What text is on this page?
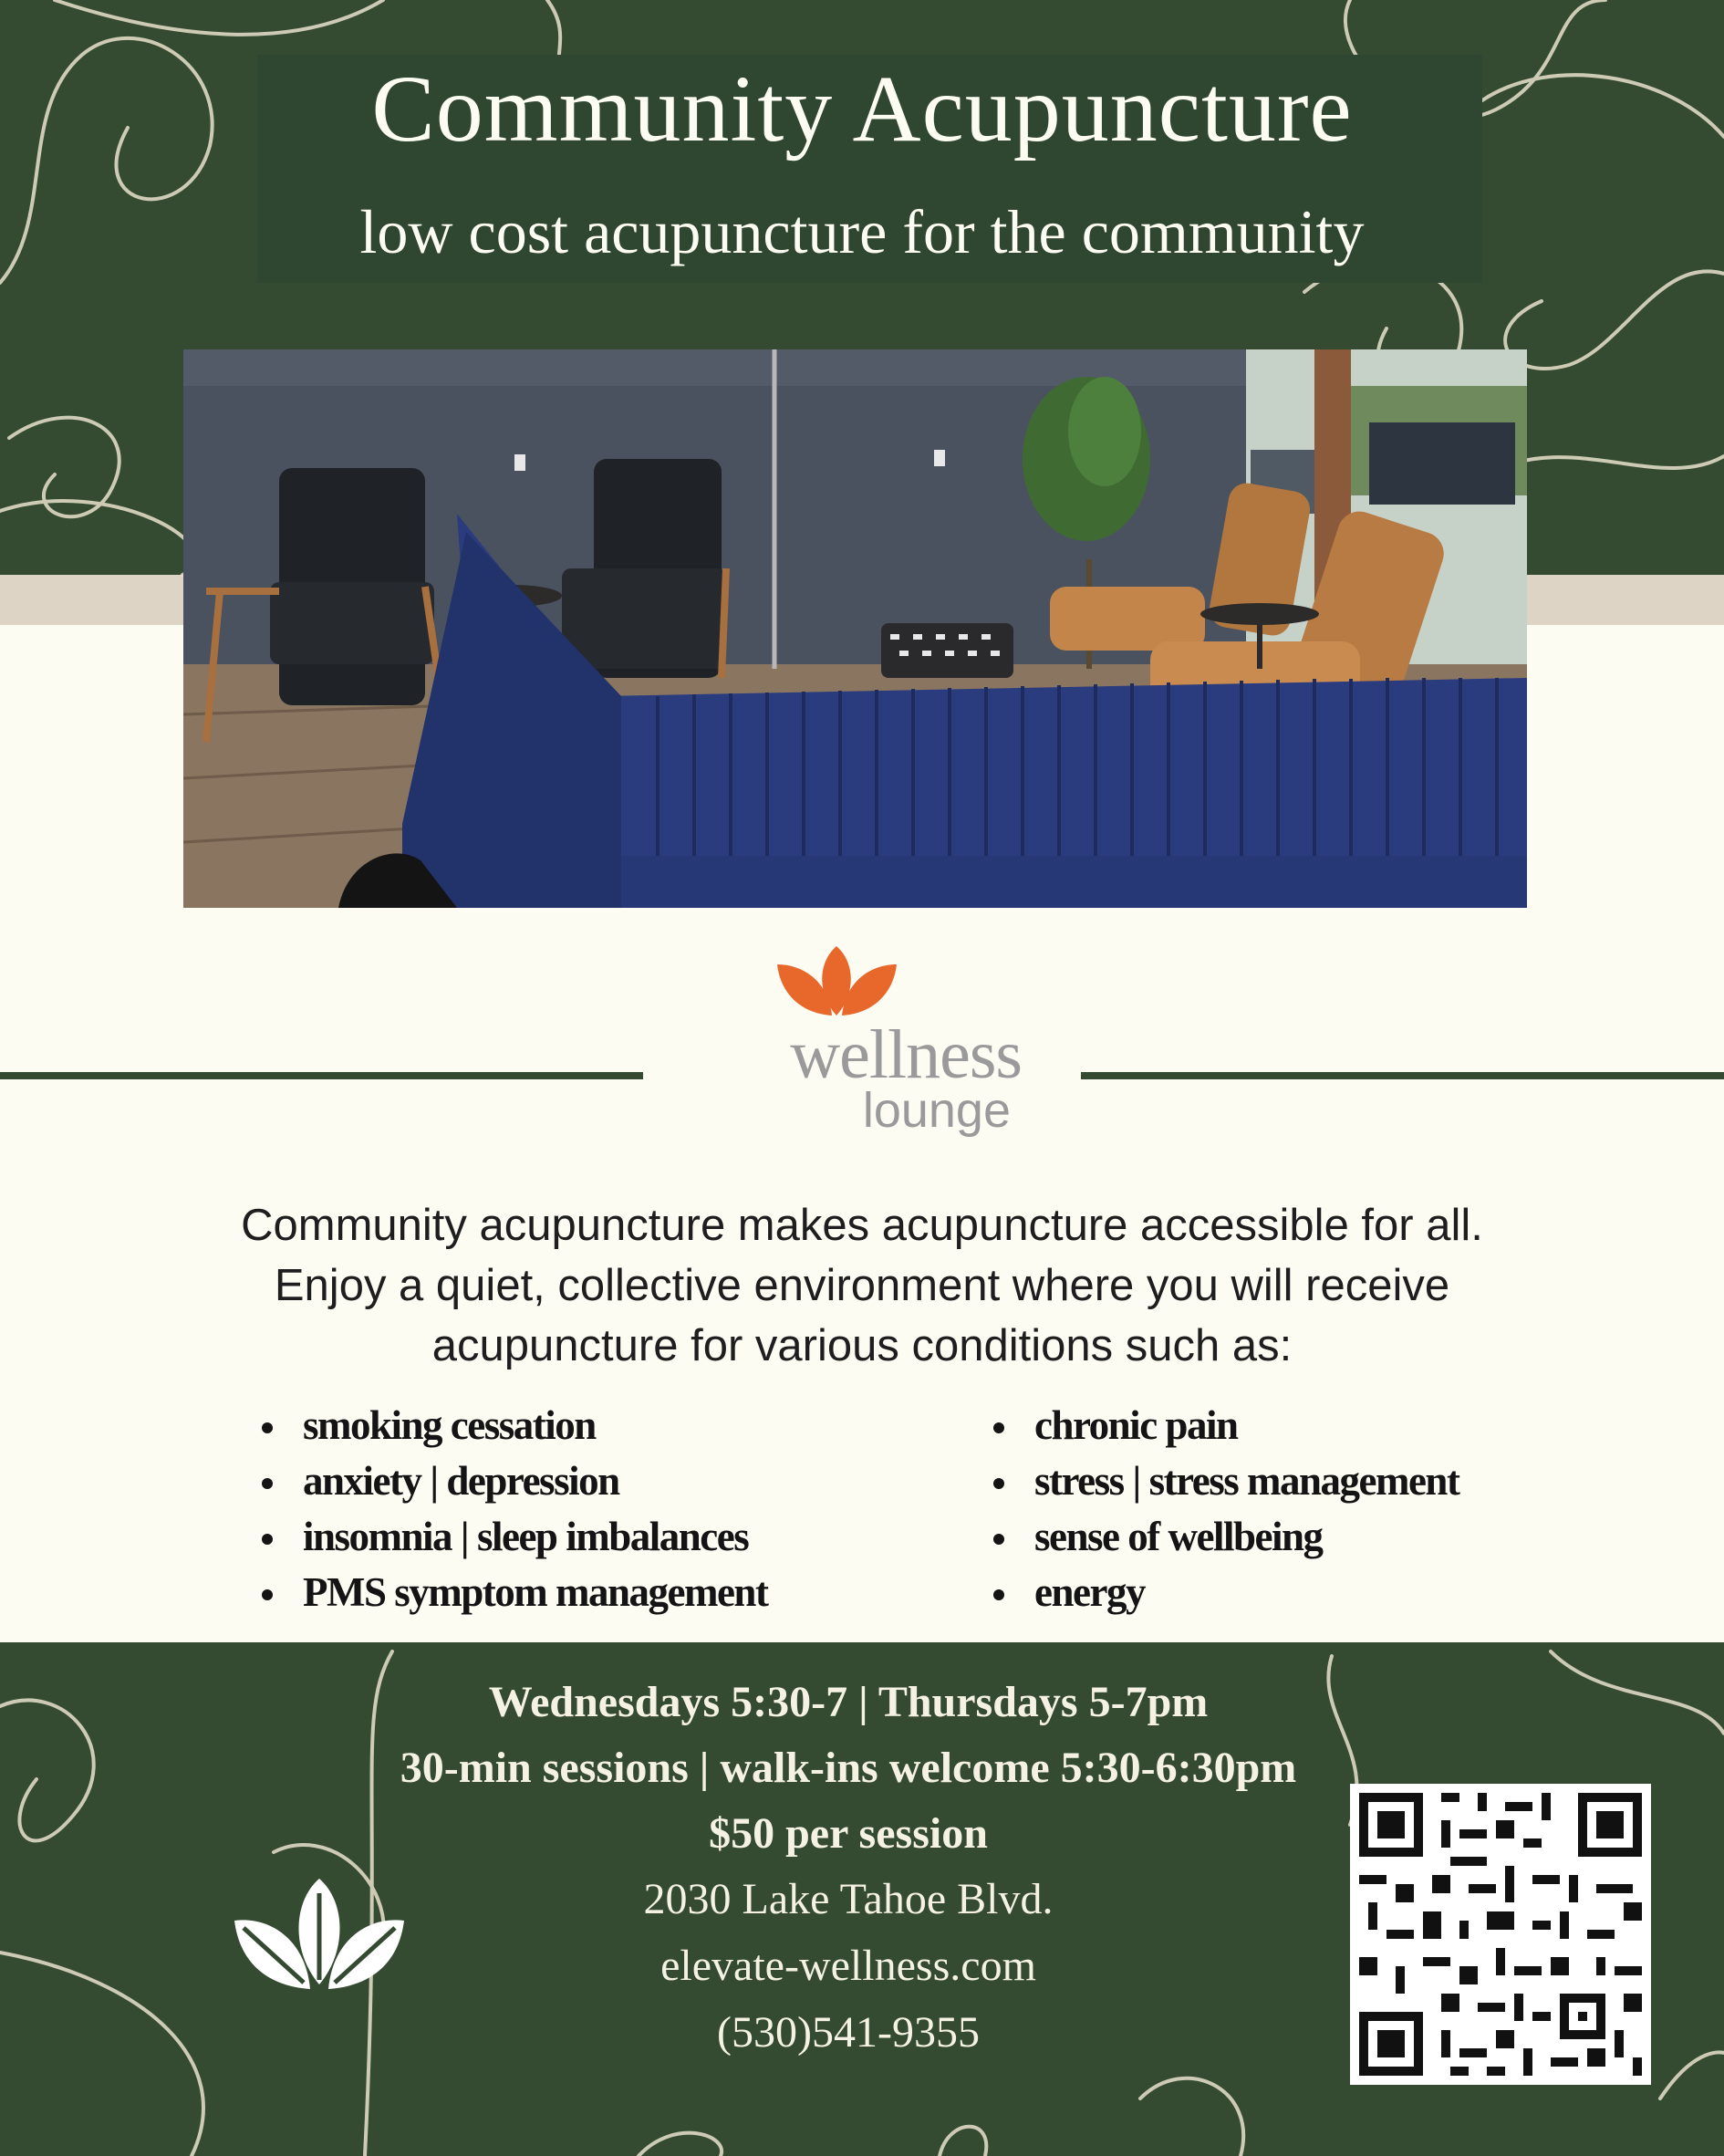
Community Acupuncture
low cost acupuncture for the community
wellness
lounge
Community acupuncture makes acupuncture accessible for all.
Enjoy a quiet, collective environment where you will receive
acupuncture for various conditions such as:
smoking cessation
anxiety | depression
insomnia | sleep imbalances
PMS symptom management
chronic pain
stress | stress management
sense of wellbeing
energy
Wednesdays 5:30-7 | Thursdays 5-7pm
30-min sessions | walk-ins welcome 5:30-6:30pm
$50 per session
2030 Lake Tahoe Blvd.
elevate-wellness.com
(530)541-9355
